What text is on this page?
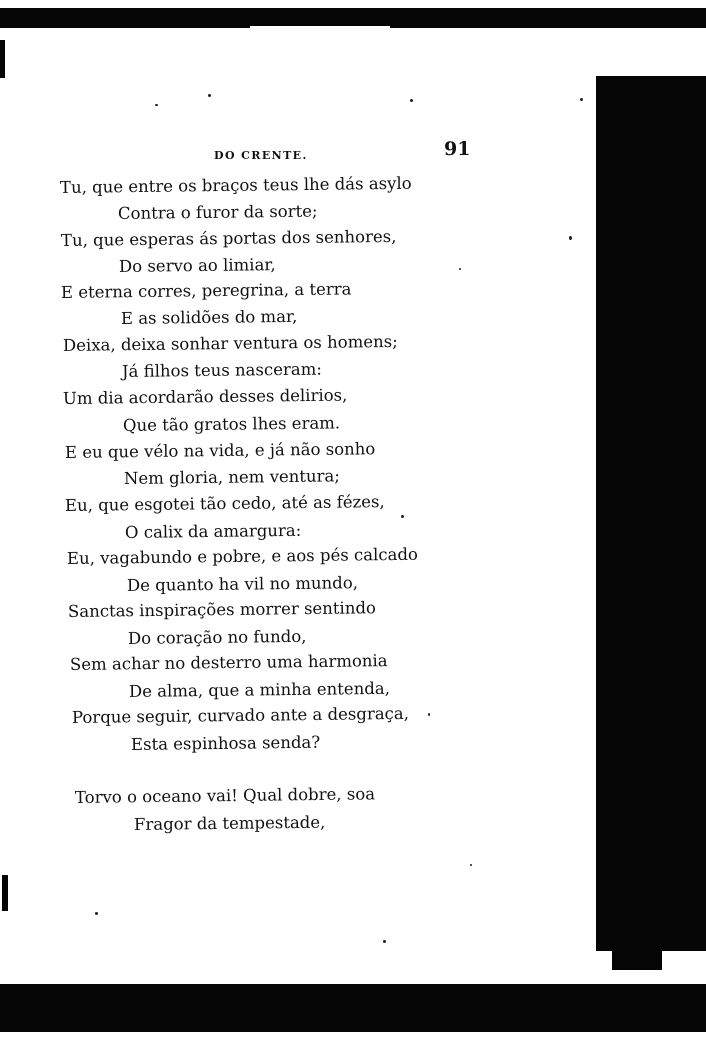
DO CRENTE.	91
Tu, que entre os braços teus lhe dás asylo
Contra o furor da sorte;
Tu, que esperas ás portas dos senhores,
Do servo ao limiar,
E eterna corres, peregrina, a terra
E as solidões do mar,
Deixa, deixa sonhar ventura os homens;
Já filhos teus nasceram:
Um dia acordarão desses delirios,
Que tão gratos lhes eram.
E eu que vélo na vida, e já não sonho
Nem gloria, nem ventura;
Eu, que esgotei tão cedo, até as fézes,
O calix da amargura:
Eu, vagabundo e pobre, e aos pés calcado
De quanto ha vil no mundo,
Sanctas inspirações morrer sentindo
Do coração no fundo,
Sem achar no desterro uma harmonia
De alma, que a minha entenda,
Porque seguir, curvado ante a desgraça,
Esta espinhosa senda?
Torvo o oceano vai! Qual dobre, soa
Fragor da tempestade,
